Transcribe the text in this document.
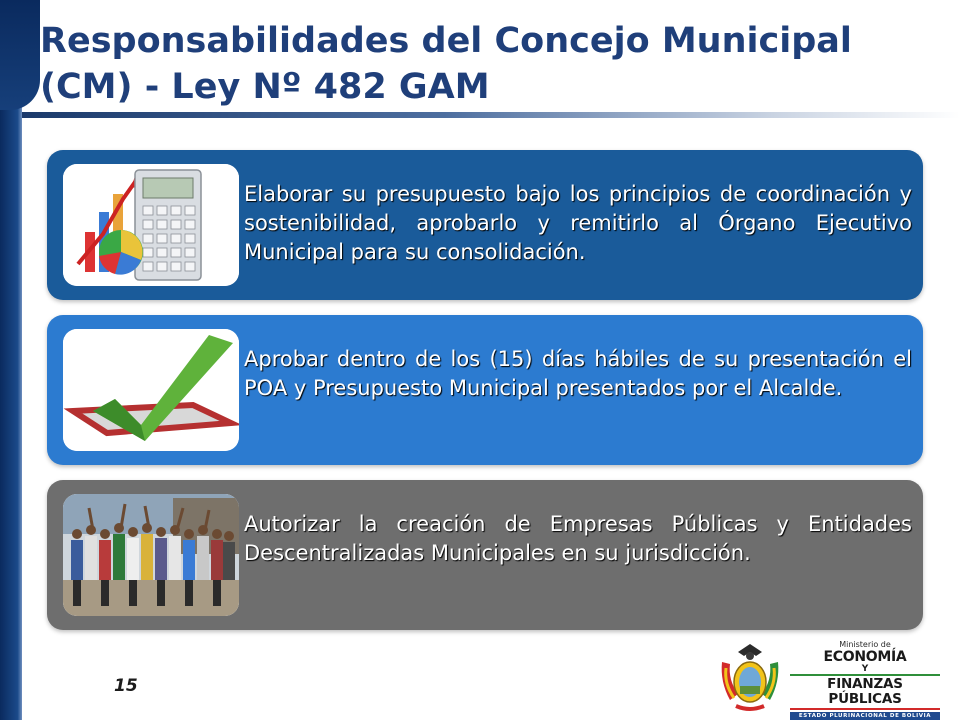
Responsabilidades del Concejo Municipal (CM) - Ley Nº 482 GAM

Elaborar su presupuesto bajo los principios de coordinación y sostenibilidad, aprobarlo y remitirlo al Órgano Ejecutivo Municipal para su consolidación.

Aprobar dentro de los (15) días hábiles de su presentación el POA y Presupuesto Municipal presentados por el Alcalde.

Autorizar la creación de Empresas Públicas y Entidades Descentralizadas Municipales en su jurisdicción.

15
Ministerio de
ECONOMÍA
Y
FINANZAS PÚBLICAS
ESTADO PLURINACIONAL DE BOLIVIA
